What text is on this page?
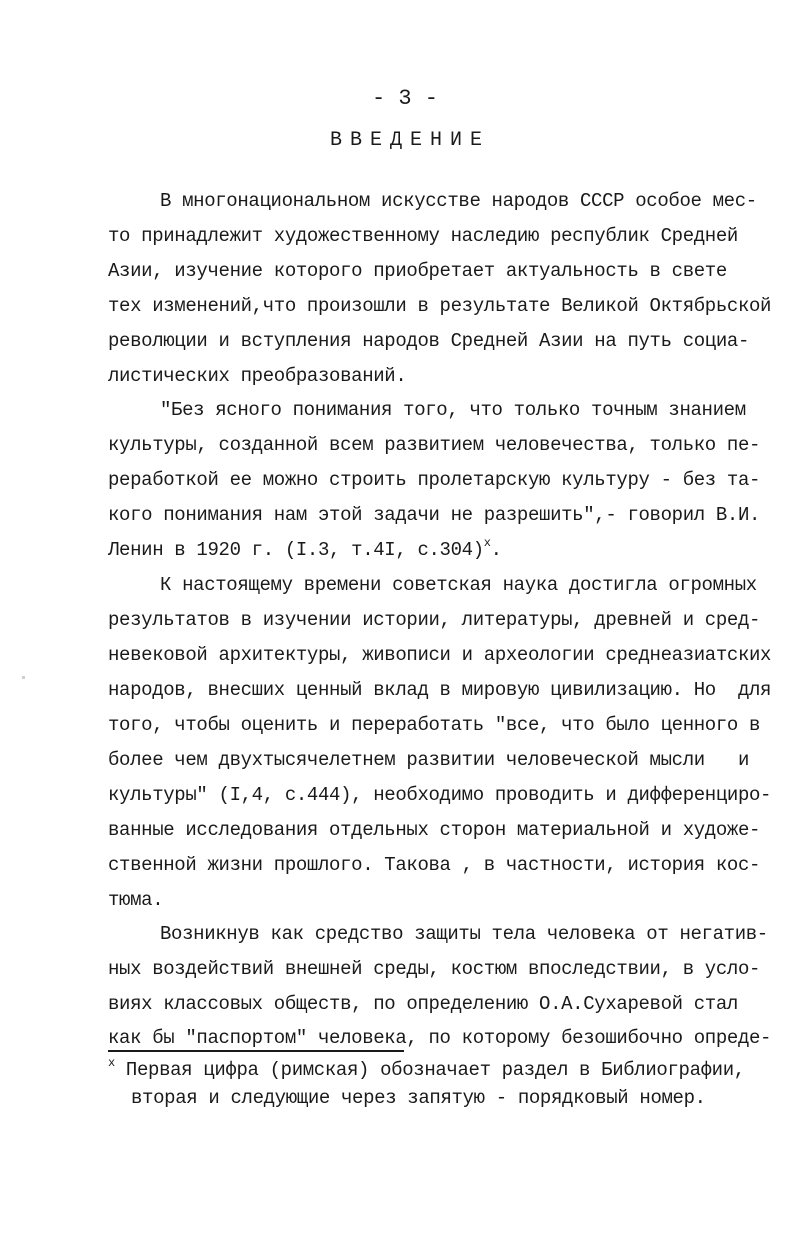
- 3 -
ВВЕДЕНИЕ
В многонациональном искусстве народов СССР особое мес-
то принадлежит художественному наследию республик Средней
Азии, изучение которого приобретает актуальность в свете
тех изменений,что произошли в результате Великой Октябрьской
революции и вступления народов Средней Азии на путь социа-
листических преобразований.
"Без ясного понимания того, что только точным знанием
культуры, созданной всем развитием человечества, только пе-
реработкой ее можно строить пролетарскую культуру - без та-
кого понимания нам этой задачи не разрешить",- говорил В.И.
Ленин в 1920 г. (I.3, т.4I, с.304)$^x$.
К настоящему времени советская наука достигла огромных
результатов в изучении истории, литературы, древней и сред-
невековой архитектуры, живописи и археологии среднеазиатских
народов, внесших ценный вклад в мировую цивилизацию. Но  для
того, чтобы оценить и переработать "все, что было ценного в
более чем двухтысячелетнем развитии человеческой мысли   и
культуры" (I,4, с.444), необходимо проводить и дифференциро-
ванные исследования отдельных сторон материальной и художе-
ственной жизни прошлого. Такова , в частности, история кос-
тюма.
Возникнув как средство защиты тела человека от негатив-
ных воздействий внешней среды, костюм впоследствии, в усло-
виях классовых обществ, по определению О.А.Сухаревой стал
как бы "паспортом" человека, по которому безошибочно опреде-
$^x$ Первая цифра (римская) обозначает раздел в Библиографии,
вторая и следующие через запятую - порядковый номер.
